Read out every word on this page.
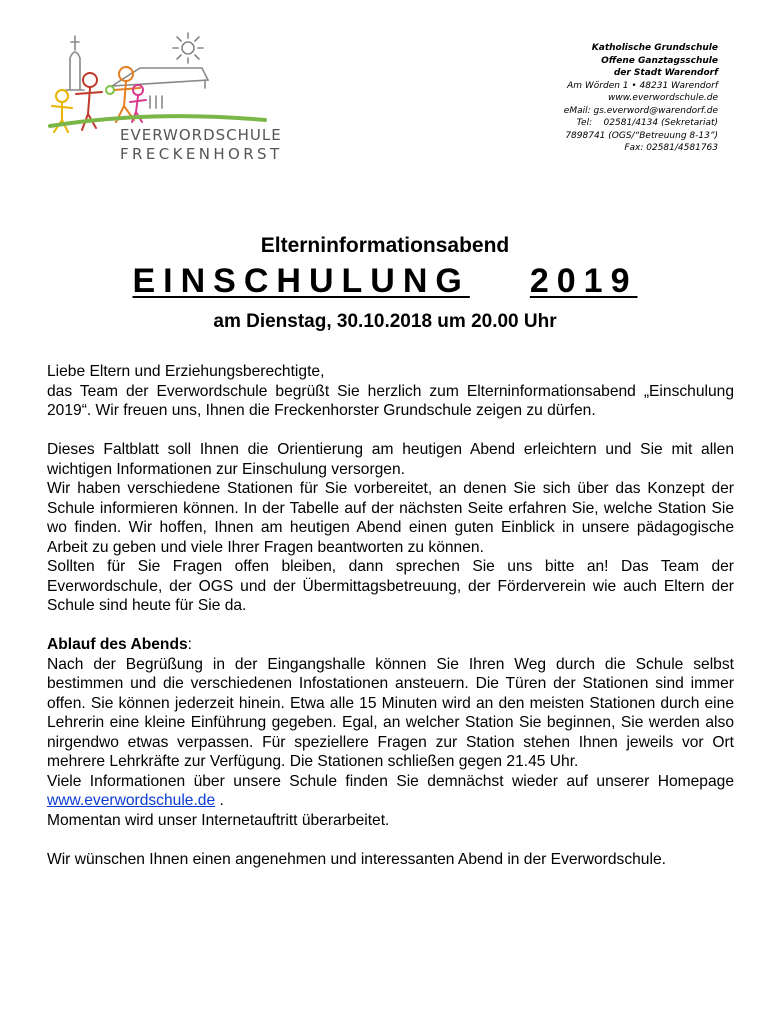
EVERWORDSCHULE
FRECKENHORST
Katholische Grundschule
Offene Ganztagsschule
der Stadt Warendorf
Am Wörden 1 • 48231 Warendorf
www.everwordschule.de
eMail: gs.everword@warendorf.de
Tel:    02581/4134 (Sekretariat)
7898741 (OGS/“Betreuung 8-13”)
Fax: 02581/4581763
Elterninformationsabend
EINSCHULUNG 2019
am Dienstag, 30.10.2018 um 20.00 Uhr

Liebe Eltern und Erziehungsberechtigte,

das Team der Everwordschule begrüßt Sie herzlich zum Elterninformationsabend „Einschulung 2019“. Wir freuen uns, Ihnen die Freckenhorster Grundschule zeigen zu dürfen.

Dieses Faltblatt soll Ihnen die Orientierung am heutigen Abend erleichtern und Sie mit allen wichtigen Informationen zur Einschulung versorgen.

Wir haben verschiedene Stationen für Sie vorbereitet, an denen Sie sich über das Konzept der Schule informieren können. In der Tabelle auf der nächsten Seite erfahren Sie, welche Station Sie wo finden. Wir hoffen, Ihnen am heutigen Abend einen guten Einblick in unsere pädagogische Arbeit zu geben und viele Ihrer Fragen beantworten zu können.

Sollten für Sie Fragen offen bleiben, dann sprechen Sie uns bitte an! Das Team der Everwordschule, der OGS und der Übermittagsbetreuung, der Förderverein wie auch Eltern der Schule sind heute für Sie da.

Ablauf des Abends:

Nach der Begrüßung in der Eingangshalle können Sie Ihren Weg durch die Schule selbst bestimmen und die verschiedenen Infostationen ansteuern. Die Türen der Stationen sind immer offen. Sie können jederzeit hinein. Etwa alle 15 Minuten wird an den meisten Stationen durch eine Lehrerin eine kleine Einführung gegeben. Egal, an welcher Station Sie beginnen, Sie werden also nirgendwo etwas verpassen. Für speziellere Fragen zur Station stehen Ihnen jeweils vor Ort mehrere Lehrkräfte zur Verfügung. Die Stationen schließen gegen 21.45 Uhr.

Viele Informationen über unsere Schule finden Sie demnächst wieder auf unserer Homepage www.everwordschule.de .

Momentan wird unser Internetauftritt überarbeitet.

Wir wünschen Ihnen einen angenehmen und interessanten Abend in der Everwordschule.
